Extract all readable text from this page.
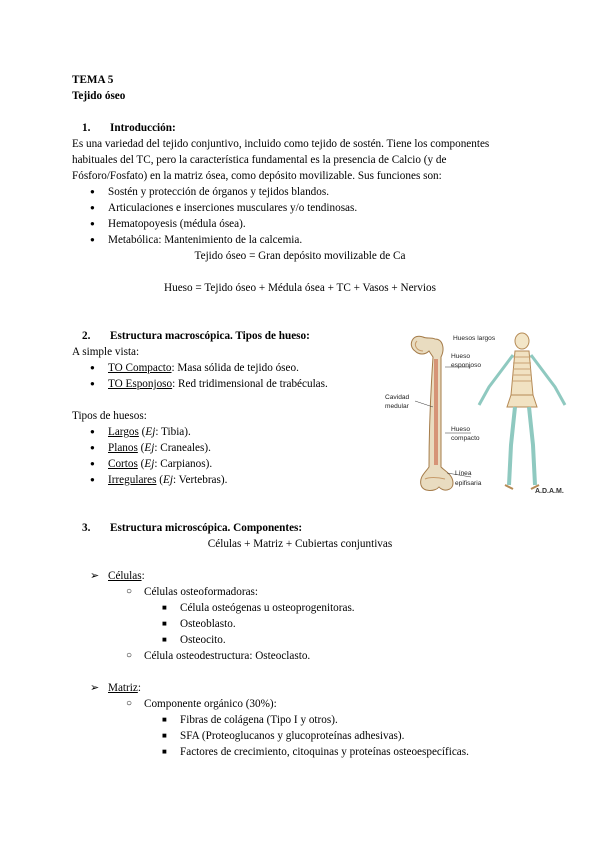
TEMA 5
Tejido óseo
1. Introducción:
Es una variedad del tejido conjuntivo, incluido como tejido de sostén. Tiene los componentes
habituales del TC, pero la característica fundamental es la presencia de Calcio (y de
Fósforo/Fosfato) en la matriz ósea, como depósito movilizable. Sus funciones son:
● Sostén y protección de órganos y tejidos blandos.
● Articulaciones e inserciones musculares y/o tendinosas.
● Hematopoyesis (médula ósea).
● Metabólica: Mantenimiento de la calcemia.
Tejido óseo = Gran depósito movilizable de Ca
Hueso = Tejido óseo + Médula ósea + TC + Vasos + Nervios
2. Estructura macroscópica. Tipos de hueso:
A simple vista:
● TO Compacto: Masa sólida de tejido óseo.
● TO Esponjoso: Red tridimensional de trabéculas.
Tipos de huesos:
● Largos (Ej: Tibia).
● Planos (Ej: Craneales).
● Cortos (Ej: Carpianos).
● Irregulares (Ej: Vertebras).
Huesos largos
Hueso
esponjoso
Cavidad
medular
Hueso
compacto
Línea
epifisaria
A.D.A.M.
3. Estructura microscópica. Componentes:
Células + Matriz + Cubiertas conjuntivas
➢ Células:
○ Células osteoformadoras:
■ Célula osteógenas u osteoprogenitoras.
■ Osteoblasto.
■ Osteocito.
○ Célula osteodestructura: Osteoclasto.
➢ Matriz:
○ Componente orgánico (30%):
■ Fibras de colágena (Tipo I y otros).
■ SFA (Proteoglucanos y glucoproteínas adhesivas).
■ Factores de crecimiento, citoquinas y proteínas osteoespecíficas.
